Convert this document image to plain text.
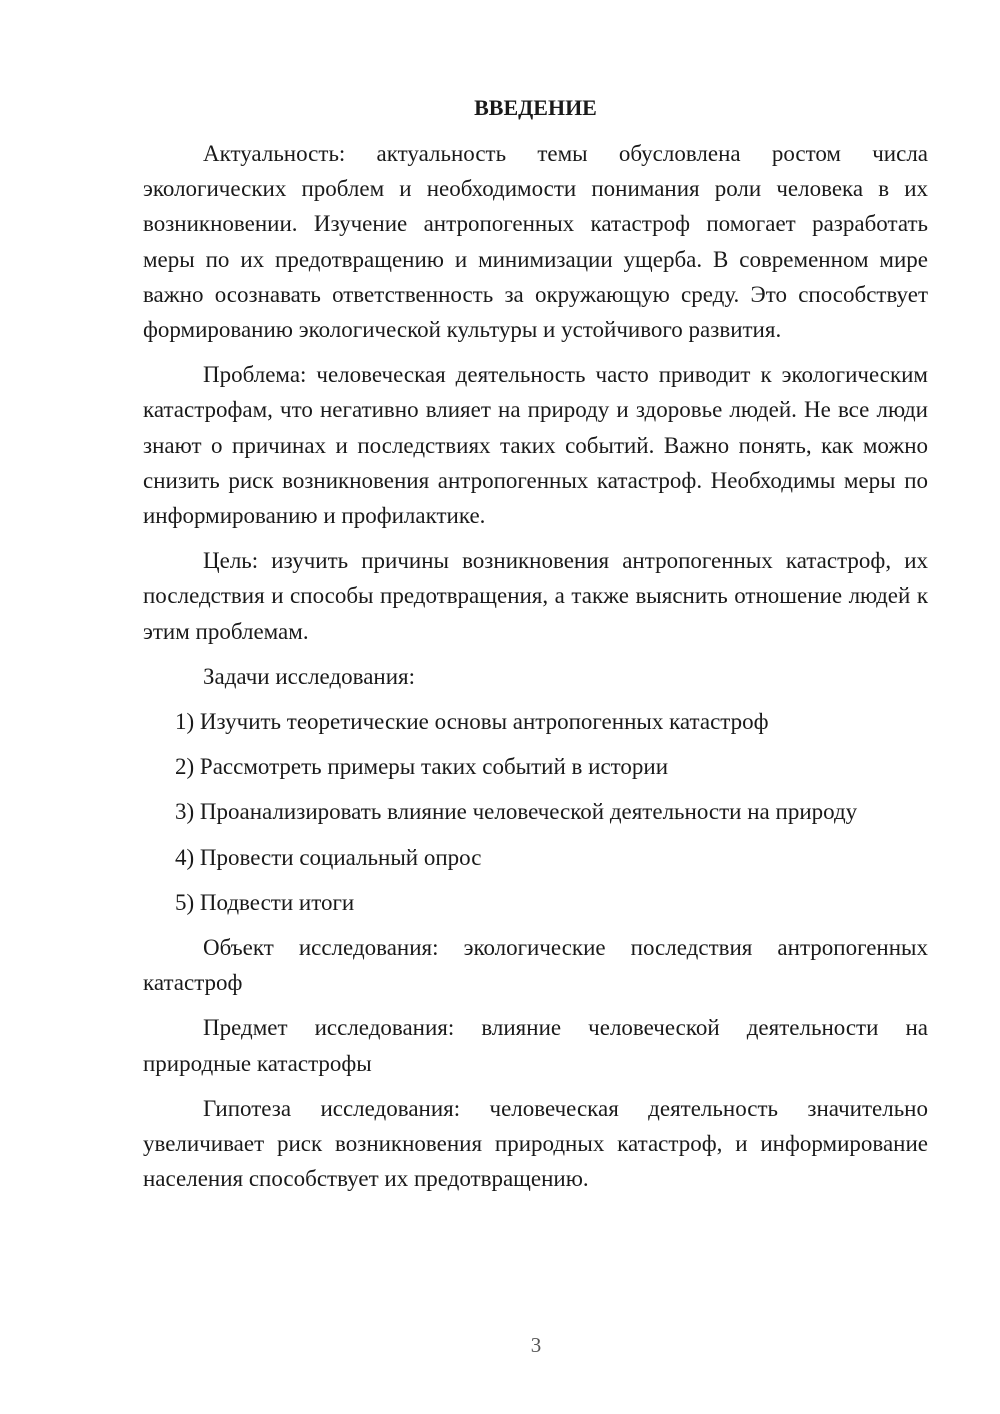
ВВЕДЕНИЕ

Актуальность: актуальность темы обусловлена ростом числа экологических проблем и необходимости понимания роли человека в их возникновении. Изучение антропогенных катастроф помогает разработать меры по их предотвращению и минимизации ущерба. В современном мире важно осознавать ответственность за окружающую среду. Это способствует формированию экологической культуры и устойчивого развития.

Проблема: человеческая деятельность часто приводит к экологическим катастрофам, что негативно влияет на природу и здоровье людей. Не все люди знают о причинах и последствиях таких событий. Важно понять, как можно снизить риск возникновения антропогенных катастроф. Необходимы меры по информированию и профилактике.

Цель: изучить причины возникновения антропогенных катастроф, их последствия и способы предотвращения, а также выяснить отношение людей к этим проблемам.

Задачи исследования:

1) Изучить теоретические основы антропогенных катастроф
2) Рассмотреть примеры таких событий в истории
3) Проанализировать влияние человеческой деятельности на природу
4) Провести социальный опрос
5) Подвести итоги

Объект исследования: экологические последствия антропогенных катастроф

Предмет исследования: влияние человеческой деятельности на природные катастрофы

Гипотеза исследования: человеческая деятельность значительно увеличивает риск возникновения природных катастроф, и информирование населения способствует их предотвращению.

3
